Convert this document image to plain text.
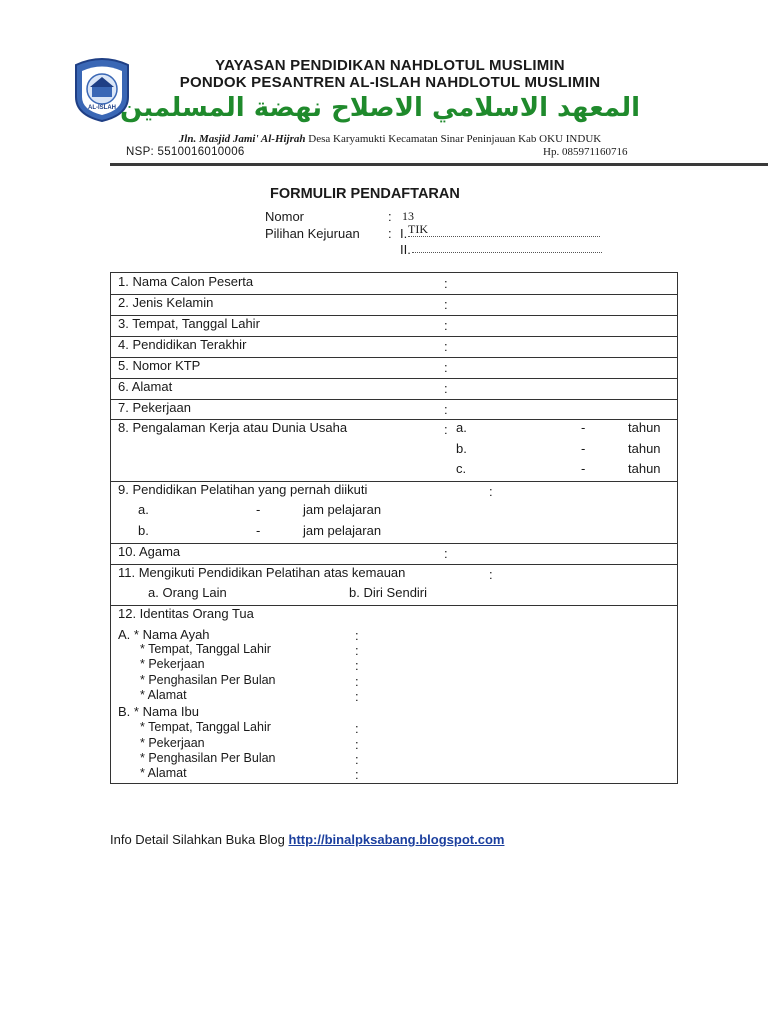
AL-ISLAH
YAYASAN PENDIDIKAN NAHDLOTUL MUSLIMIN
PONDOK PESANTREN AL-ISLAH NAHDLOTUL MUSLIMIN
المعهد الاسلامي الاصلاح نهضة المسلمين
Jln. Masjid Jami' Al-Hijrah Desa Karyamukti Kecamatan Sinar Peninjauan Kab OKU INDUK
NSP: 5510016010006	Hp. 085971160716
FORMULIR PENDAFTARAN
Nomor	: 13
Pilihan Kejuruan : I. TIK
II.
1. Nama Calon Peserta	:
2. Jenis Kelamin	:
3. Tempat, Tanggal Lahir	:
4. Pendidikan Terakhir	:
5. Nomor KTP	:
6. Alamat	:
7. Pekerjaan	:
8. Pengalaman Kerja atau Dunia Usaha	: a.	-	tahun
b.	-	tahun
c.	-	tahun
9. Pendidikan Pelatihan yang pernah diikuti	:
a.	-	jam pelajaran
b.	-	jam pelajaran
10. Agama	:
11. Mengikuti Pendidikan Pelatihan atas kemauan	:
a. Orang Lain	b. Diri Sendiri
12. Identitas Orang Tua
A. * Nama Ayah	:
* Tempat, Tanggal Lahir	:
* Pekerjaan	:
* Penghasilan Per Bulan	:
* Alamat	:
B. * Nama Ibu
* Tempat, Tanggal Lahir	:
* Pekerjaan	:
* Penghasilan Per Bulan	:
* Alamat	:
Info Detail Silahkan Buka Blog http://binalpksabang.blogspot.com
